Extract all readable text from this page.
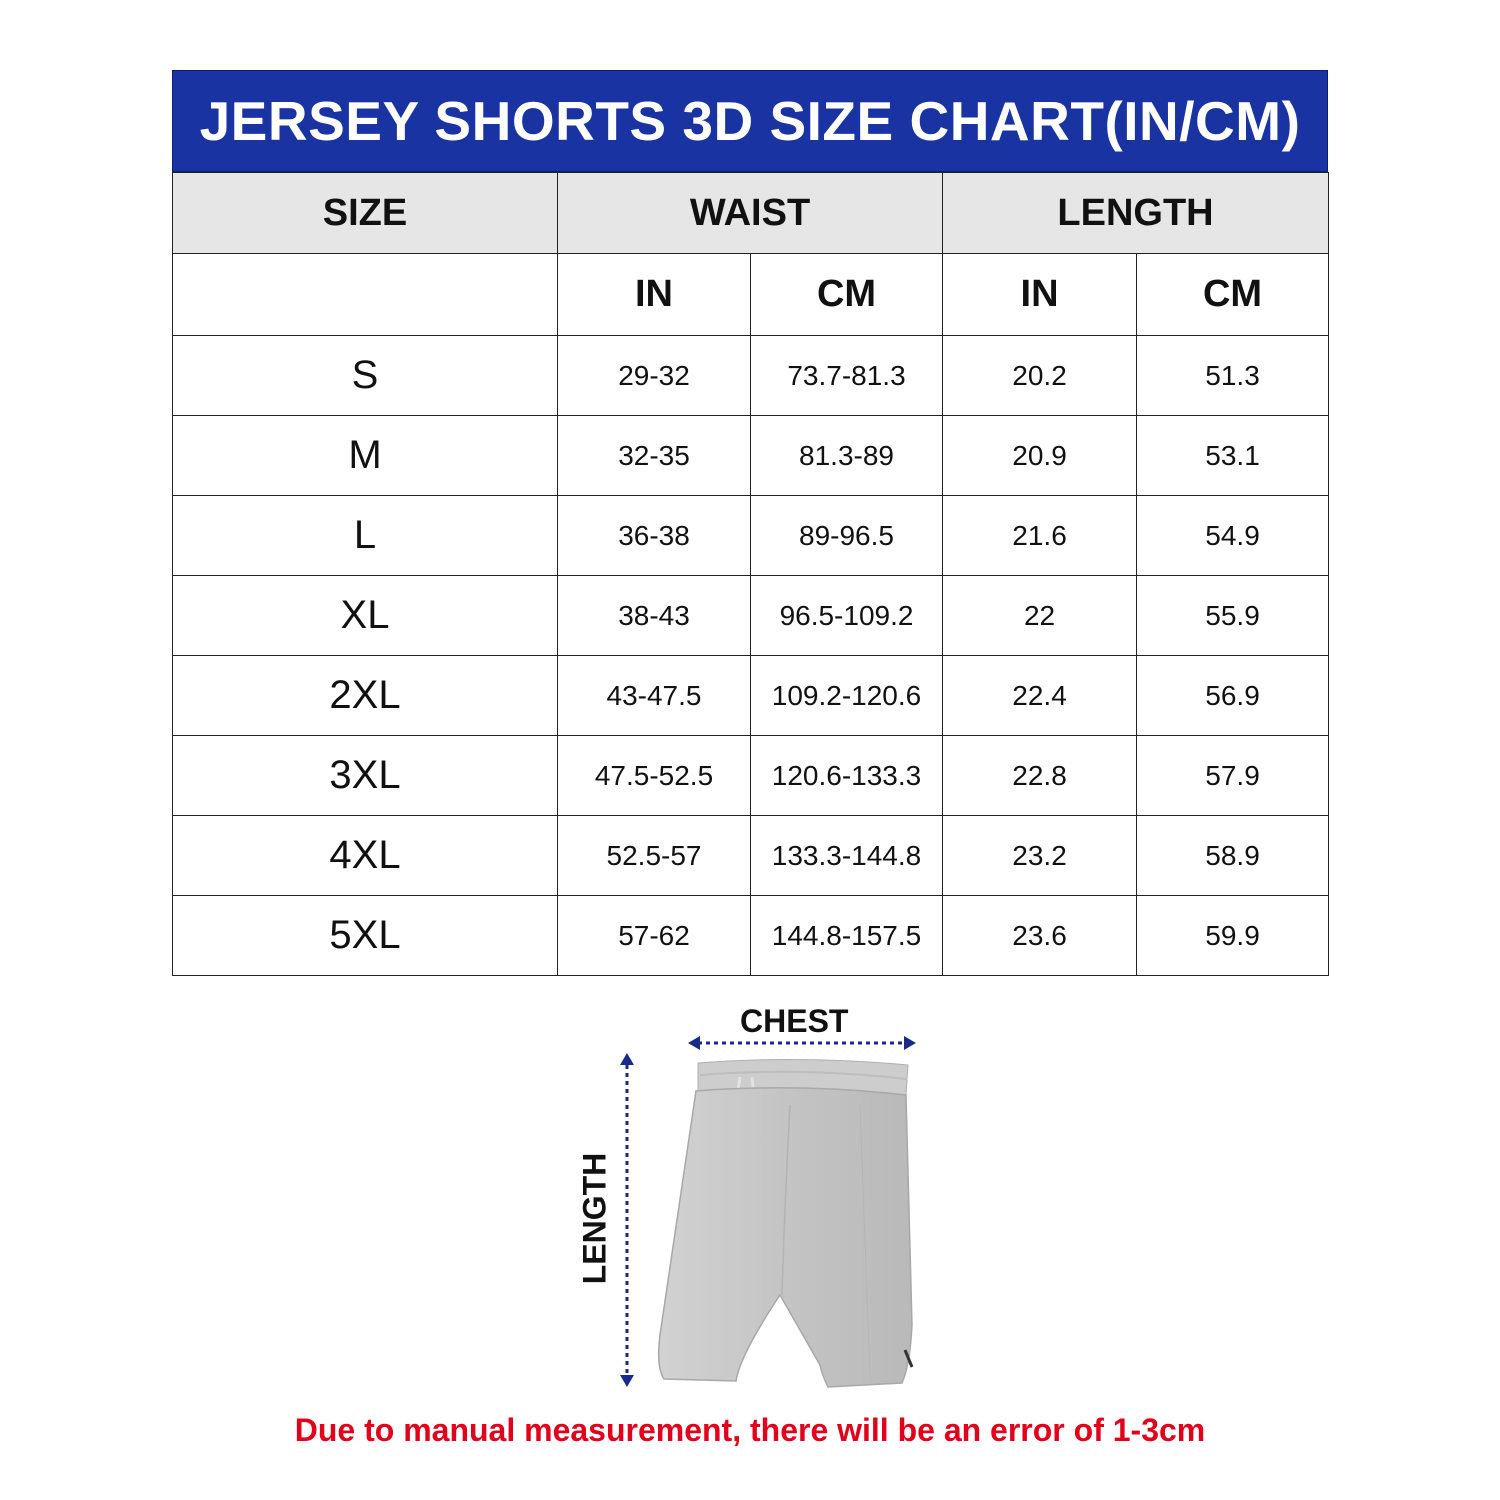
JERSEY SHORTS 3D SIZE CHART(IN/CM)
SIZE	WAIST		LENGTH	
	IN	CM	IN	CM
S	29-32	73.7-81.3	20.2	51.3
M	32-35	81.3-89	20.9	53.1
L	36-38	89-96.5	21.6	54.9
XL	38-43	96.5-109.2	22	55.9
2XL	43-47.5	109.2-120.6	22.4	56.9
3XL	47.5-52.5	120.6-133.3	22.8	57.9
4XL	52.5-57	133.3-144.8	23.2	58.9
5XL	57-62	144.8-157.5	23.6	59.9
CHEST
LENGTH
Due to manual measurement, there will be an error of 1-3cm
